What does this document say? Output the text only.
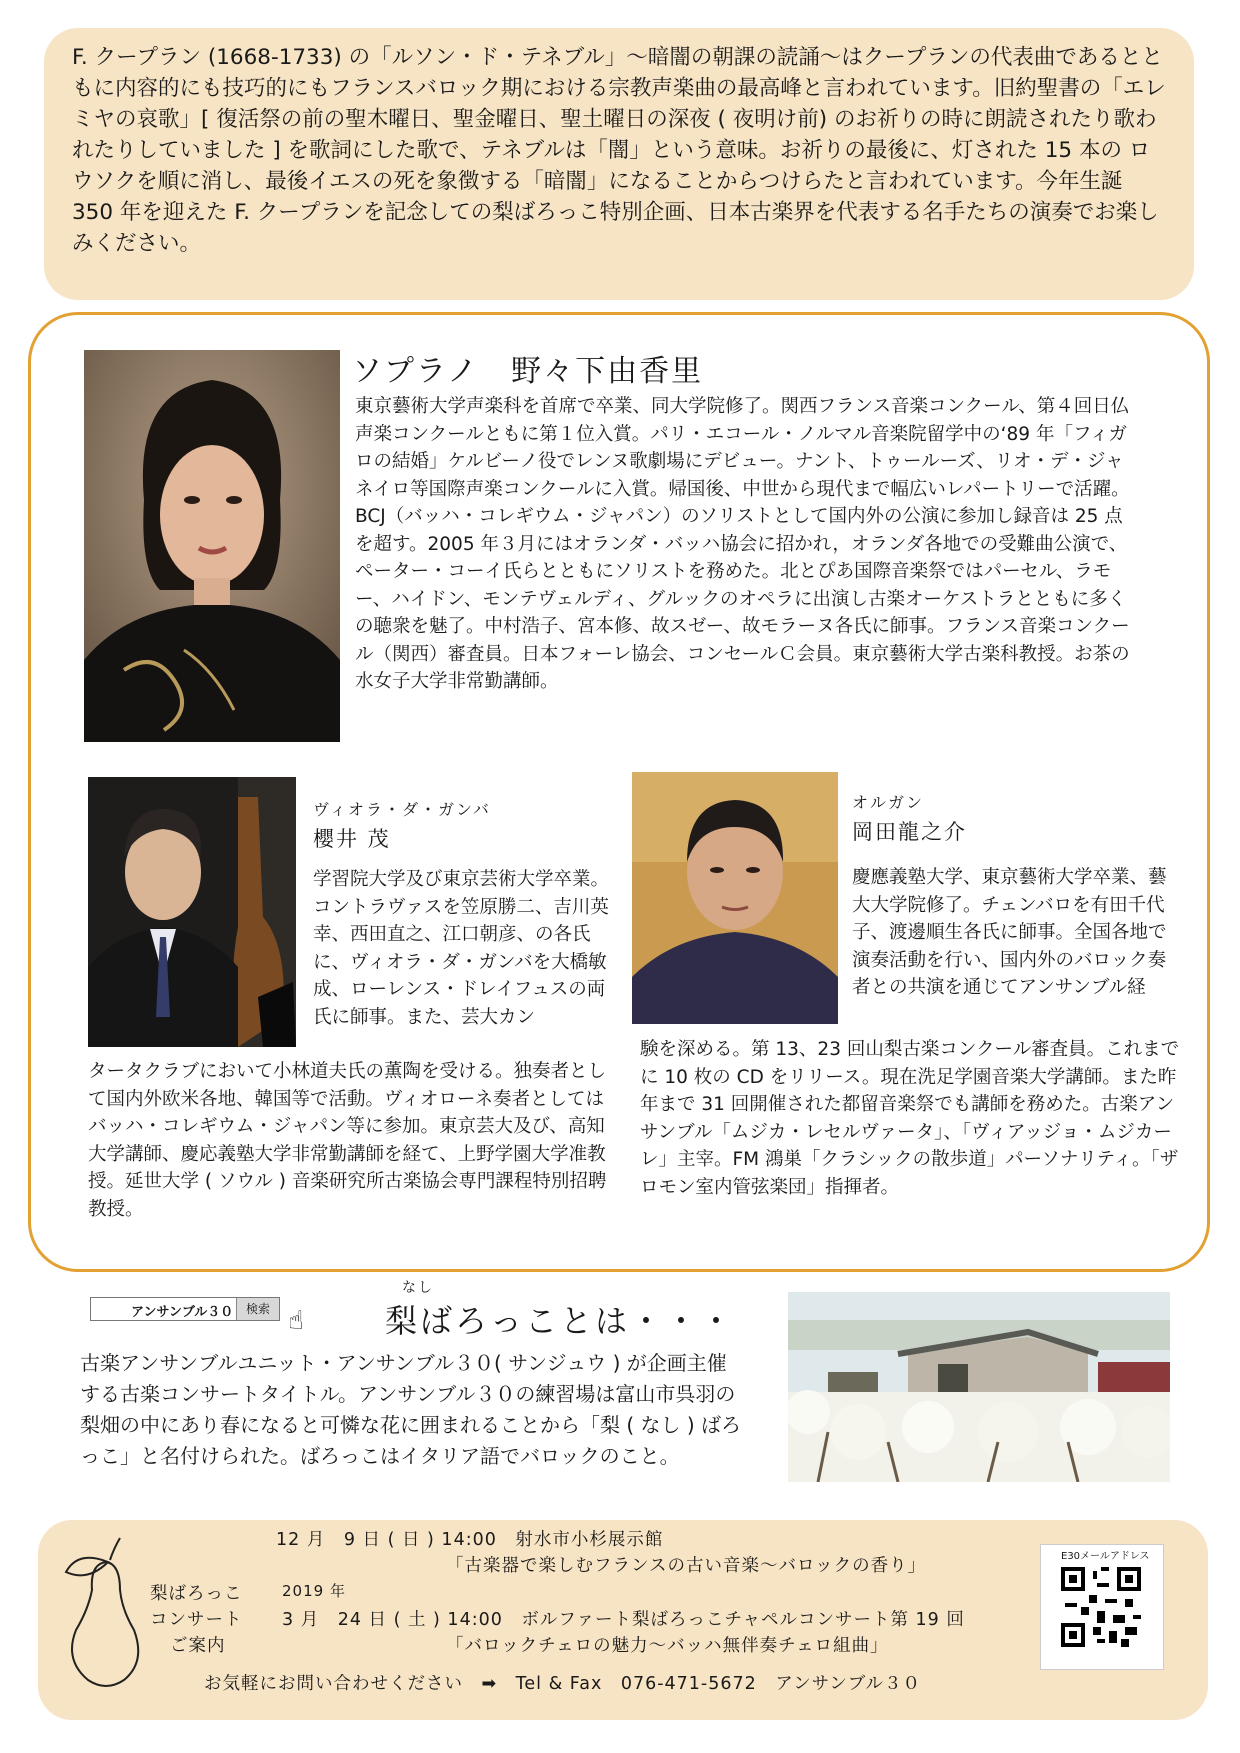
F. クープラン (1668-1733) の「ルソン・ド・テネブル」〜暗闇の朝課の読誦〜はクープランの代表曲であるとともに内容的にも技巧的にもフランスバロック期における宗教声楽曲の最高峰と言われています。旧約聖書の「エレミヤの哀歌」[ 復活祭の前の聖木曜日、聖金曜日、聖土曜日の深夜 ( 夜明け前) のお祈りの時に朗読されたり歌われたりしていました ] を歌詞にした歌で、テネブルは「闇」という意味。お祈りの最後に、灯された 15 本の ロウソクを順に消し、最後イエスの死を象徴する「暗闇」になることからつけらたと言われています。今年生誕 350 年を迎えた F. クープランを記念しての梨ばろっこ特別企画、日本古楽界を代表する名手たちの演奏でお楽しみください。
ソプラノ　野々下由香里
東京藝術大学声楽科を首席で卒業、同大学院修了。関西フランス音楽コンクール、第４回日仏声楽コンクールともに第１位入賞。パリ・エコール・ノルマル音楽院留学中の‘89 年「フィガロの結婚」ケルビーノ役でレンヌ歌劇場にデビュー。ナント、トゥールーズ、リオ・デ・ジャネイロ等国際声楽コンクールに入賞。帰国後、中世から現代まで幅広いレパートリーで活躍。BCJ（バッハ・コレギウム・ジャパン）のソリストとして国内外の公演に参加し録音は 25 点を超す。2005 年３月にはオランダ・バッハ協会に招かれ，オランダ各地での受難曲公演で、ペーター・コーイ氏らとともにソリストを務めた。北とぴあ国際音楽祭ではパーセル、ラモー、ハイドン、モンテヴェルディ、グルックのオペラに出演し古楽オーケストラとともに多くの聴衆を魅了。中村浩子、宮本修、故スゼー、故モラーヌ各氏に師事。フランス音楽コンクール（関西）審査員。日本フォーレ協会、コンセールＣ会員。東京藝術大学古楽科教授。お茶の水女子大学非常勤講師。
ヴィオラ・ダ・ガンバ
櫻井 茂
学習院大学及び東京芸術大学卒業。コントラヴァスを笠原勝二、吉川英幸、西田直之、江口朝彦、の各氏に、ヴィオラ・ダ・ガンバを大橋敏成、ローレンス・ドレイフュスの両氏に師事。また、芸大カン
タータクラブにおいて小林道夫氏の薫陶を受ける。独奏者として国内外欧米各地、韓国等で活動。ヴィオローネ奏者としてはバッハ・コレギウム・ジャパン等に参加。東京芸大及び、高知大学講師、慶応義塾大学非常勤講師を経て、上野学園大学准教授。延世大学 ( ソウル ) 音楽研究所古楽協会専門課程特別招聘教授。
オルガン
岡田龍之介
慶應義塾大学、東京藝術大学卒業、藝大大学院修了。チェンバロを有田千代子、渡邊順生各氏に師事。全国各地で演奏活動を行い、国内外のバロック奏者との共演を通じてアンサンブル経
験を深める。第 13、23 回山梨古楽コンクール審査員。これまでに 10 枚の CD をリリース。現在洗足学園音楽大学講師。また昨年まで 31 回開催された都留音楽祭でも講師を務めた。古楽アンサンブル「ムジカ・レセルヴァータ」、「ヴィアッジョ・ムジカーレ」主宰。FM 鴻巣「クラシックの散歩道」パーソナリティ。「ザロモン室内管弦楽団」指揮者。
アンサンブル３０	検索 ☝
なし
梨ばろっことは・・・
古楽アンサンブルユニット・アンサンブル３０( サンジュウ ) が企画主催する古楽コンサートタイトル。アンサンブル３０の練習場は富山市呉羽の梨畑の中にあり春になると可憐な花に囲まれることから「梨 ( なし ) ばろっこ」と名付けられた。ばろっこはイタリア語でバロックのこと。
梨ばろっこ
コンサート
ご案内
12 月　9 日 ( 日 ) 14:00　射水市小杉展示館
「古楽器で楽しむフランスの古い音楽〜バロックの香り」
2019 年
3 月　24 日 ( 土 ) 14:00　ボルファート梨ばろっこチャペルコンサート第 19 回
「バロックチェロの魅力〜バッハ無伴奏チェロ組曲」
お気軽にお問い合わせください　➡　Tel & Fax　076-471-5672　アンサンブル３０
E30メールアドレス
